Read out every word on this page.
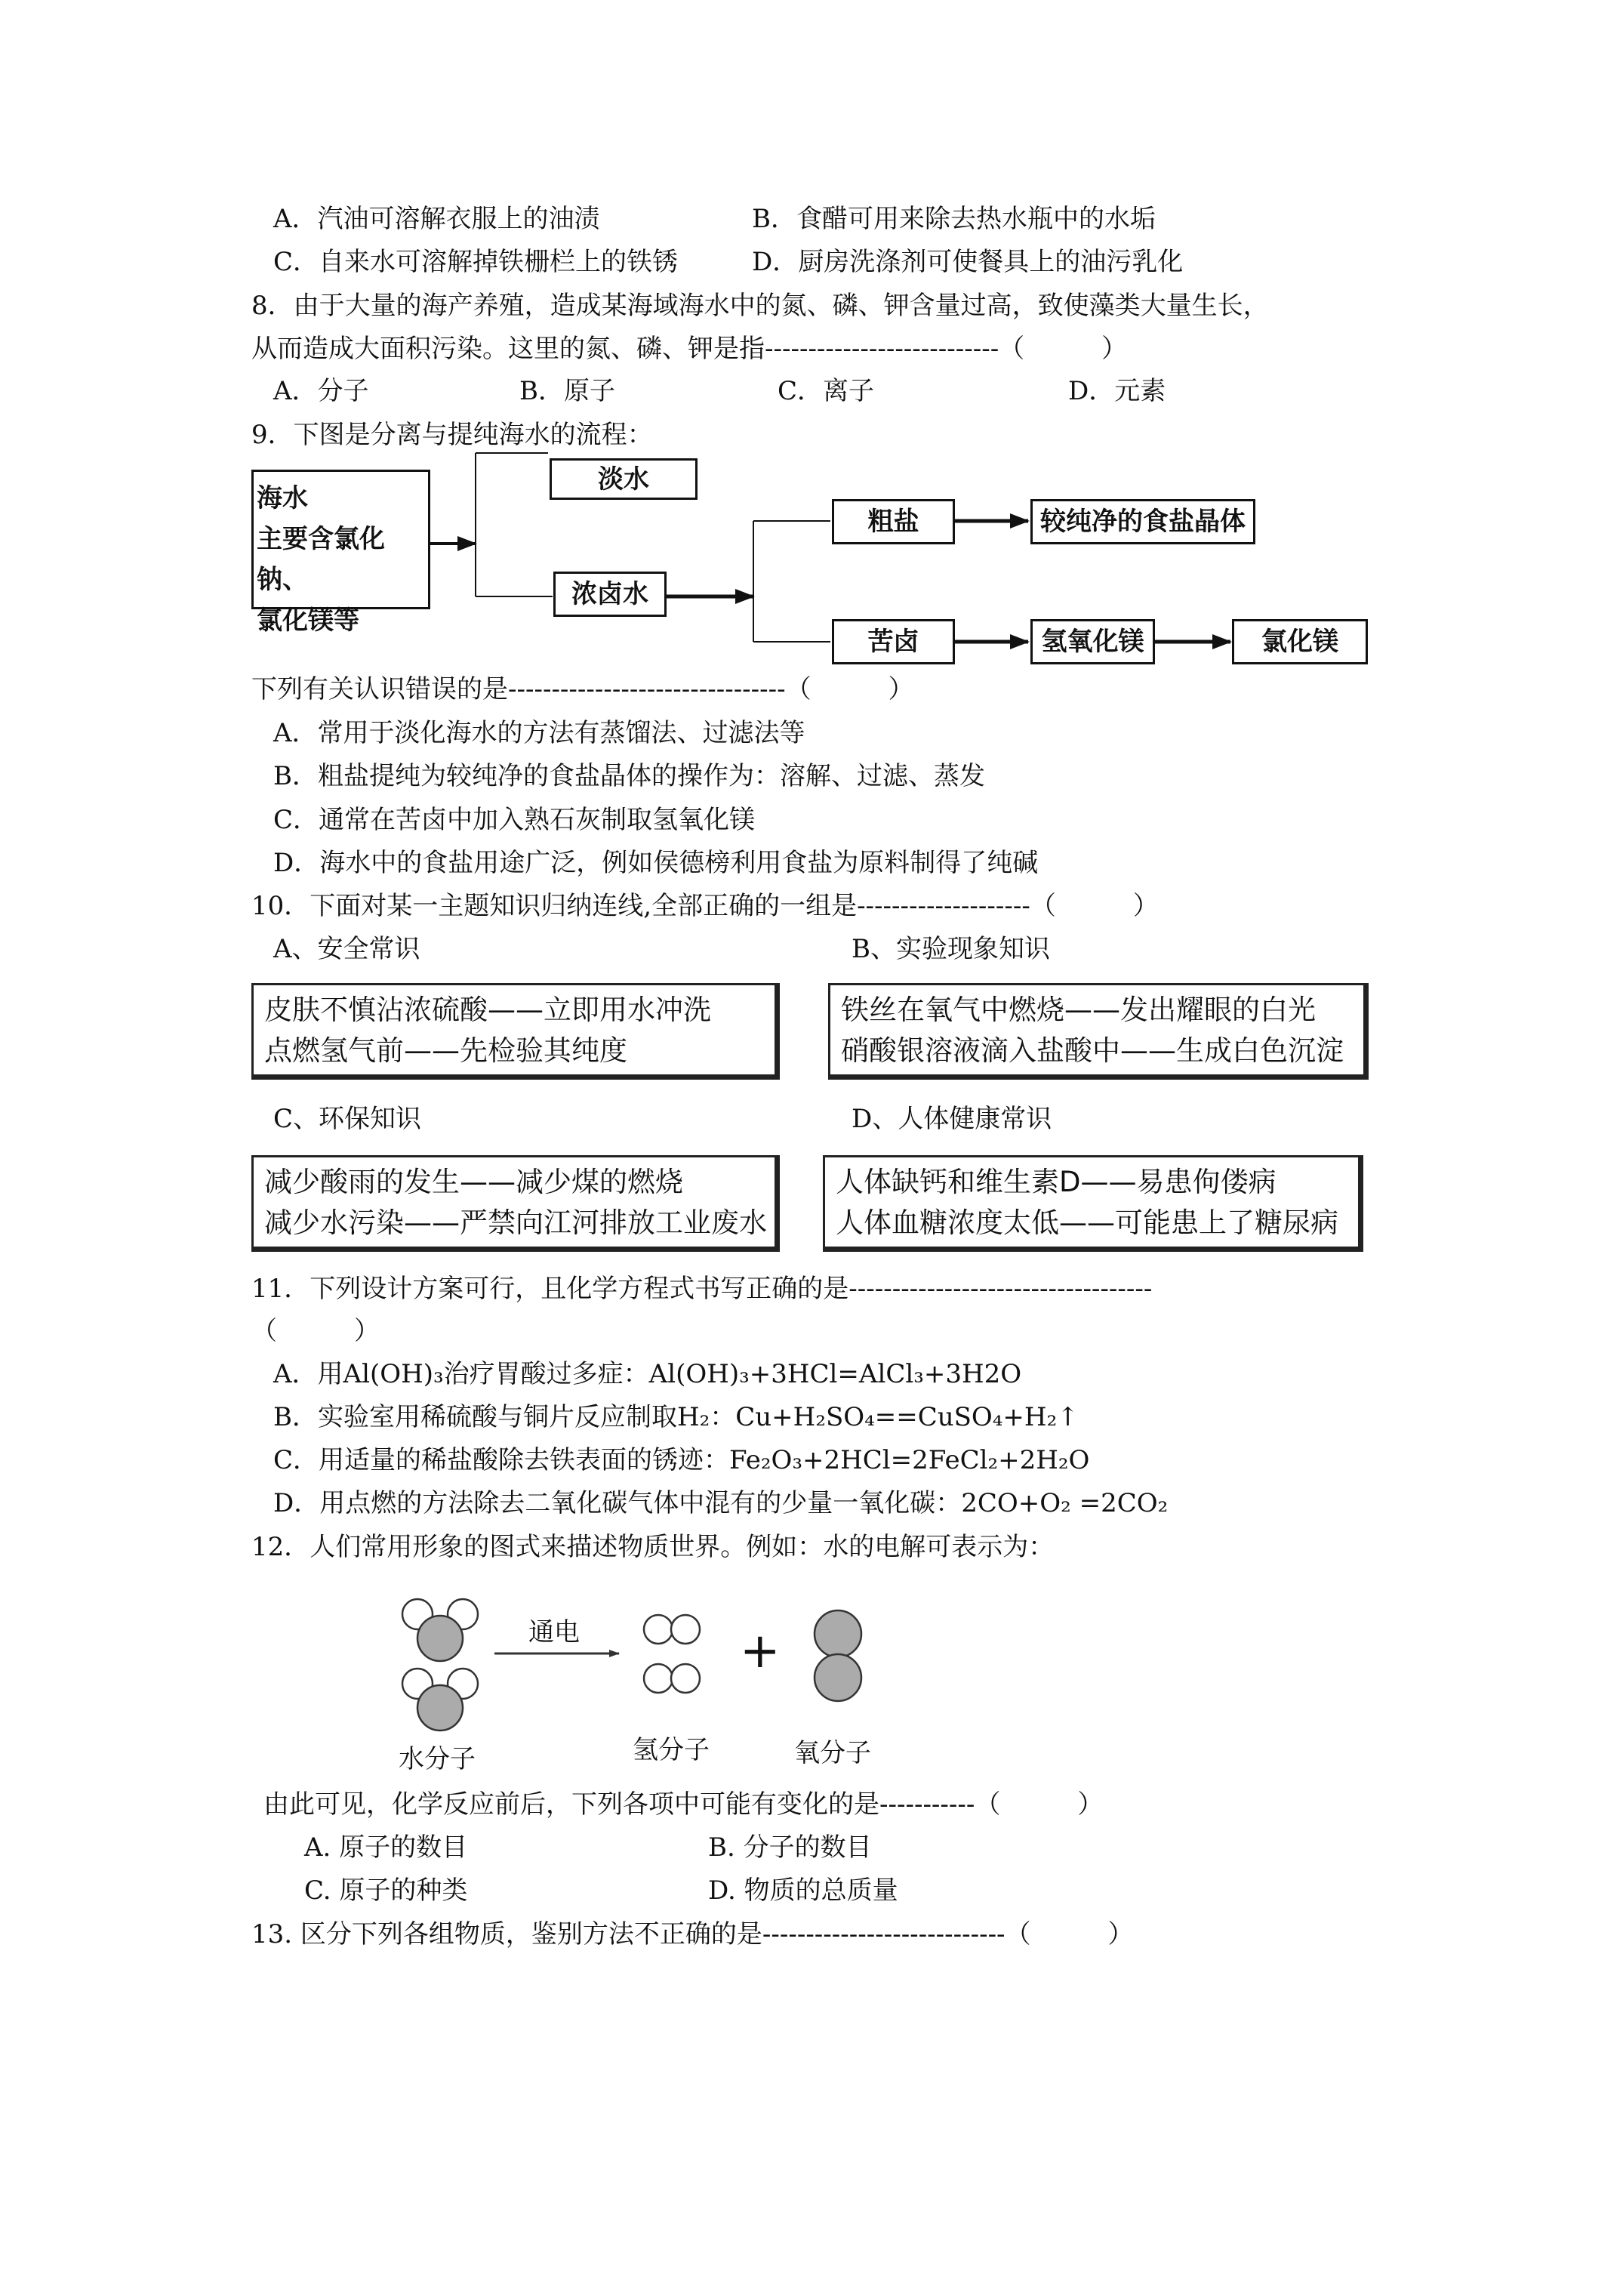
A．汽油可溶解衣服上的油渍	B．食醋可用来除去热水瓶中的水垢
C．自来水可溶解掉铁栅栏上的铁锈	D．厨房洗涤剂可使餐具上的油污乳化
8．由于大量的海产养殖，造成某海域海水中的氮、磷、钾含量过高，致使藻类大量生长，
从而造成大面积污染。这里的氮、磷、钾是指---------------------------（　　　）
A．分子	B．原子	C．离子	D．元素
9．下图是分离与提纯海水的流程：
海水
主要含氯化钠、
氯化镁等
淡水
浓卤水
粗盐	较纯净的食盐晶体
苦卤	氢氧化镁	氯化镁
下列有关认识错误的是--------------------------------（　　　）
A．常用于淡化海水的方法有蒸馏法、过滤法等
B．粗盐提纯为较纯净的食盐晶体的操作为：溶解、过滤、蒸发
C．通常在苦卤中加入熟石灰制取氢氧化镁
D．海水中的食盐用途广泛，例如侯德榜利用食盐为原料制得了纯碱
10．下面对某一主题知识归纳连线,全部正确的一组是--------------------（　　　）
A、安全常识	B、实验现象知识
皮肤不慎沾浓硫酸——立即用水冲洗
点燃氢气前——先检验其纯度
铁丝在氧气中燃烧——发出耀眼的白光
硝酸银溶液滴入盐酸中——生成白色沉淀
C、环保知识	D、人体健康常识
减少酸雨的发生——减少煤的燃烧
减少水污染——严禁向江河排放工业废水
人体缺钙和维生素D——易患佝偻病
人体血糖浓度太低——可能患上了糖尿病
11．下列设计方案可行，且化学方程式书写正确的是-----------------------------------
（　　　）
A．用Al(OH)₃治疗胃酸过多症：Al(OH)₃+3HCl=AlCl₃+3H2O
B．实验室用稀硫酸与铜片反应制取H₂：Cu+H₂SO₄==CuSO₄+H₂↑
C．用适量的稀盐酸除去铁表面的锈迹：Fe₂O₃+2HCl=2FeCl₂+2H₂O
D．用点燃的方法除去二氧化碳气体中混有的少量一氧化碳：2CO+O₂ =2CO₂
12．人们常用形象的图式来描述物质世界。例如：水的电解可表示为：
通电	+
水分子	氢分子	氧分子
由此可见，化学反应前后，下列各项中可能有变化的是-----------（　　　）
A. 原子的数目	B. 分子的数目
C. 原子的种类	D. 物质的总质量
13. 区分下列各组物质，鉴别方法不正确的是----------------------------（　　　）
